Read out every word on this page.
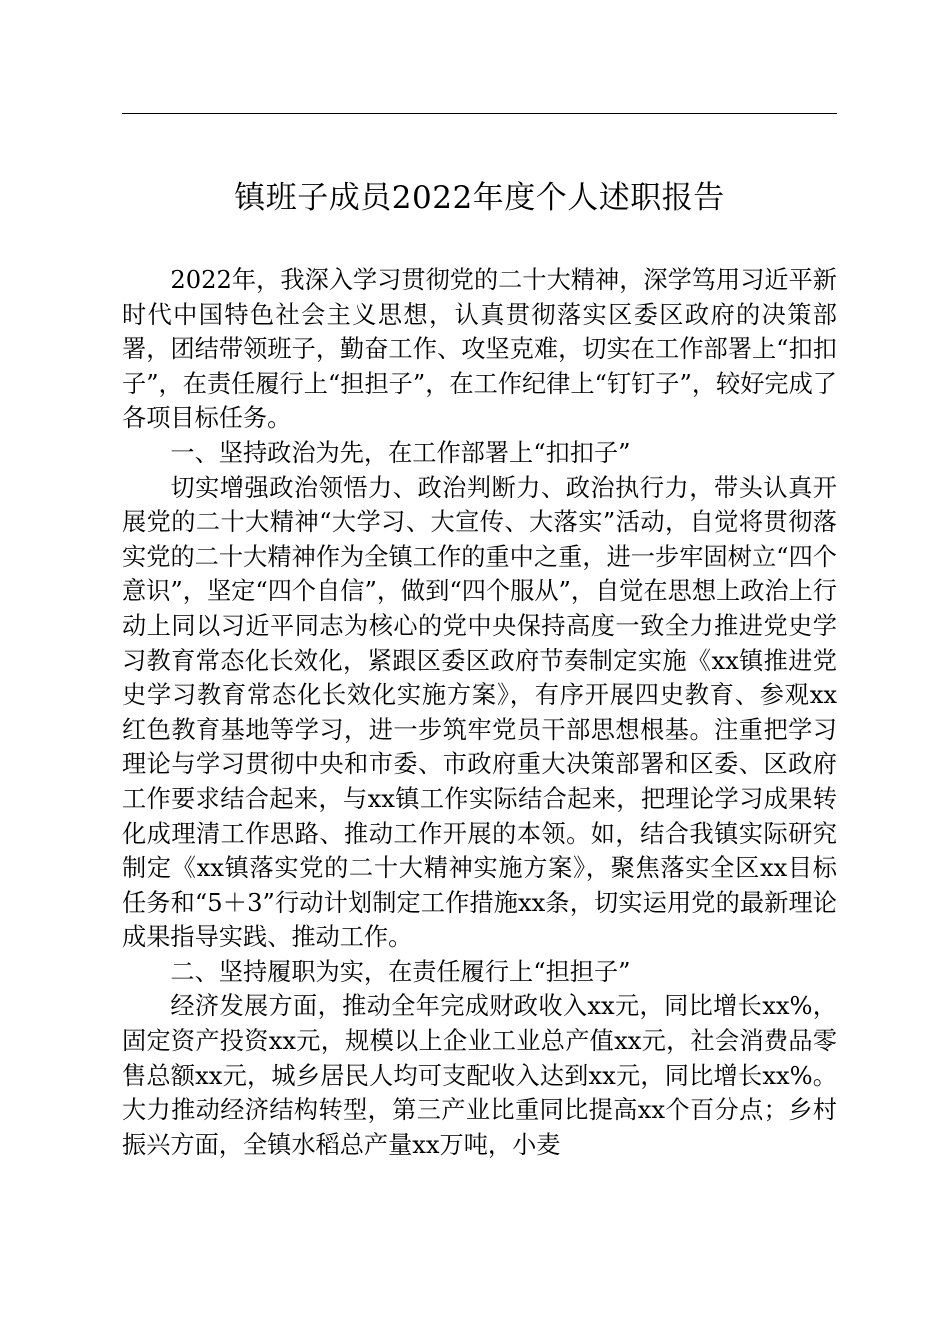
镇班子成员2022年度个人述职报告

2022年，我深入学习贯彻党的二十大精神，深学笃用习近平新时代中国特色社会主义思想，认真贯彻落实区委区政府的决策部署，团结带领班子，勤奋工作、攻坚克难，切实在工作部署上“扣扣子”，在责任履行上“担担子”，在工作纪律上“钉钉子”，较好完成了各项目标任务。

一、坚持政治为先，在工作部署上“扣扣子”

切实增强政治领悟力、政治判断力、政治执行力，带头认真开展党的二十大精神“大学习、大宣传、大落实”活动，自觉将贯彻落实党的二十大精神作为全镇工作的重中之重，进一步牢固树立“四个意识”，坚定“四个自信”，做到“四个服从”，自觉在思想上政治上行动上同以习近平同志为核心的党中央保持高度一致全力推进党史学习教育常态化长效化，紧跟区委区政府节奏制定实施《xx镇推进党史学习教育常态化长效化实施方案》，有序开展四史教育、参观xx红色教育基地等学习，进一步筑牢党员干部思想根基。注重把学习理论与学习贯彻中央和市委、市政府重大决策部署和区委、区政府工作要求结合起来，与xx镇工作实际结合起来，把理论学习成果转化成理清工作思路、推动工作开展的本领。如，结合我镇实际研究制定《xx镇落实党的二十大精神实施方案》，聚焦落实全区xx目标任务和“5＋3”行动计划制定工作措施xx条，切实运用党的最新理论成果指导实践、推动工作。

二、坚持履职为实，在责任履行上“担担子”

经济发展方面，推动全年完成财政收入xx元，同比增长xx%，固定资产投资xx元，规模以上企业工业总产值xx元，社会消费品零售总额xx元，城乡居民人均可支配收入达到xx元，同比增长xx%。大力推动经济结构转型，第三产业比重同比提高xx个百分点；乡村振兴方面，全镇水稻总产量xx万吨，小麦
